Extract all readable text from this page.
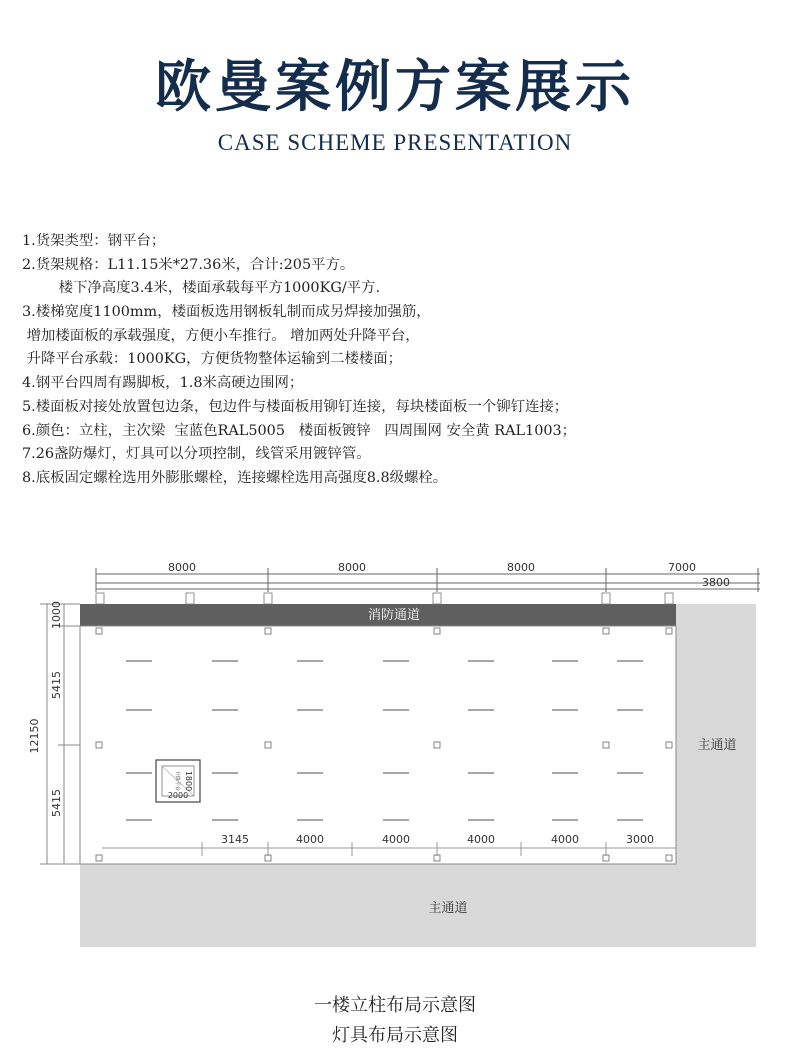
欧曼案例方案展示
CASE SCHEME PRESENTATION
1.货架类型：钢平台；
2.货架规格：L11.15米*27.36米，合计:205平方。
楼下净高度3.4米，楼面承载每平方1000KG/平方.
3.楼梯宽度1100mm，楼面板选用钢板轧制而成另焊接加强筋，
增加楼面板的承载强度，方便小车推行。 增加两处升降平台，
升降平台承载：1000KG，方便货物整体运输到二楼楼面；
4.钢平台四周有踢脚板，1.8米高硬边围网；
5.楼面板对接处放置包边条，包边件与楼面板用铆钉连接，每块楼面板一个铆钉连接；
6.颜色：立柱，主次梁  宝蓝色RAL5005   楼面板镀锌   四周围网 安全黄 RAL1003；
7.26盏防爆灯，灯具可以分项控制，线管采用镀锌管。
8.底板固定螺栓选用外膨胀螺栓，连接螺栓选用高强度8.8级螺栓。
消防通道
主通道
主通道
8000	8000	8000	7000
3800
12150
1000
5415
5415
3145	4000	4000	4000	4000	3000
升降平台 1800
2000
一楼立柱布局示意图
灯具布局示意图
